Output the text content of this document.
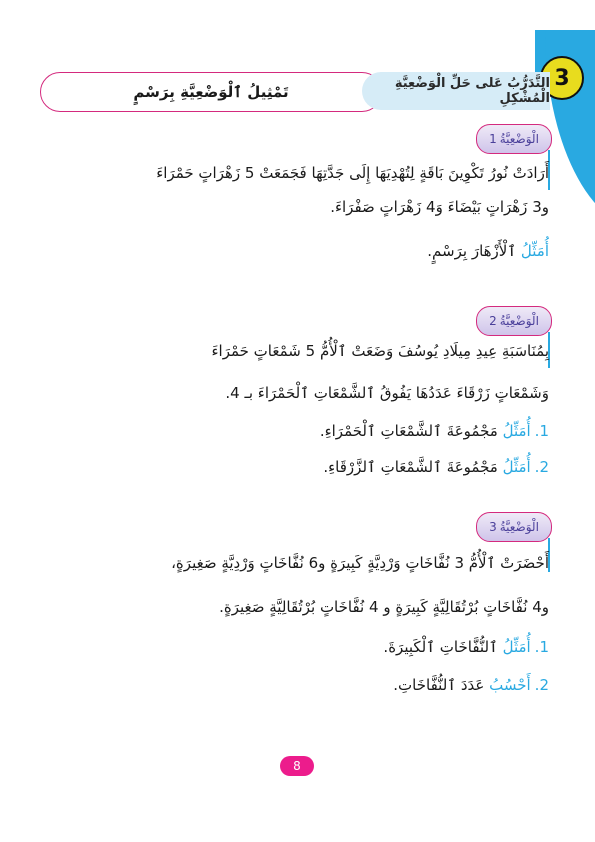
3
تَمْثِيلُ ٱلْوَضْعِيَّةِ بِرَسْمٍ	التَّدَرُّبُ عَلى حَلِّ الْوَضْعِيَّةِ الْمُشْكِلِ
الْوَضْعِيَّةُ
1
أَرَادَتْ نُورُ تَكْوِينَ بَاقَةٍ لِتُهْدِيَهَا إِلَى جَدَّتِهَا فَجَمَعَتْ 5 زَهْرَاتٍ حَمْرَاءَ
و3 زَهْرَاتٍ بَيْضَاءَ وَ4 زَهْرَاتٍ صَفْرَاءَ.
أُمَثِّلُ ٱلْأَزْهَارَ بِرَسْمٍ.
الْوَضْعِيَّةُ
2
بِمُنَاسَبَةِ عِيدِ مِيلَادِ يُوسُفَ وَضَعَتْ ٱلْأُمُّ 5 شَمْعَاتٍ حَمْرَاءَ
وَشَمْعَاتٍ زَرْقَاءَ عَدَدُهَا يَفُوقُ ٱلشَّمْعَاتِ ٱلْحَمْرَاءَ بـ 4.
1.أُمَثِّلُ مَجْمُوعَةَ ٱلشَّمْعَاتِ ٱلْحَمْرَاءِ.
2.أُمَثِّلُ مَجْمُوعَةَ ٱلشَّمْعَاتِ ٱلزَّرْقَاءِ.
الْوَضْعِيَّةُ
3
أَحْضَرَتْ ٱلْأُمُّ 3 نُفَّاخَاتٍ وَرْدِيَّةٍ كَبِيرَةٍ و6 نُفَّاخَاتٍ وَرْدِيَّةٍ صَغِيرَةٍ،
و4 نُفَّاخَاتٍ بُرْتُقَالِيَّةٍ كَبِيرَةٍ و 4 نُفَّاخَاتٍ بُرْتُقَالِيَّةٍ صَغِيرَةٍ.
1.أُمَثِّلُ ٱلنُّفَّاخَاتِ ٱلْكَبِيرَةَ.
2.أَحْسُبُ عَدَدَ ٱلنُّفَّاخَاتِ.
8
